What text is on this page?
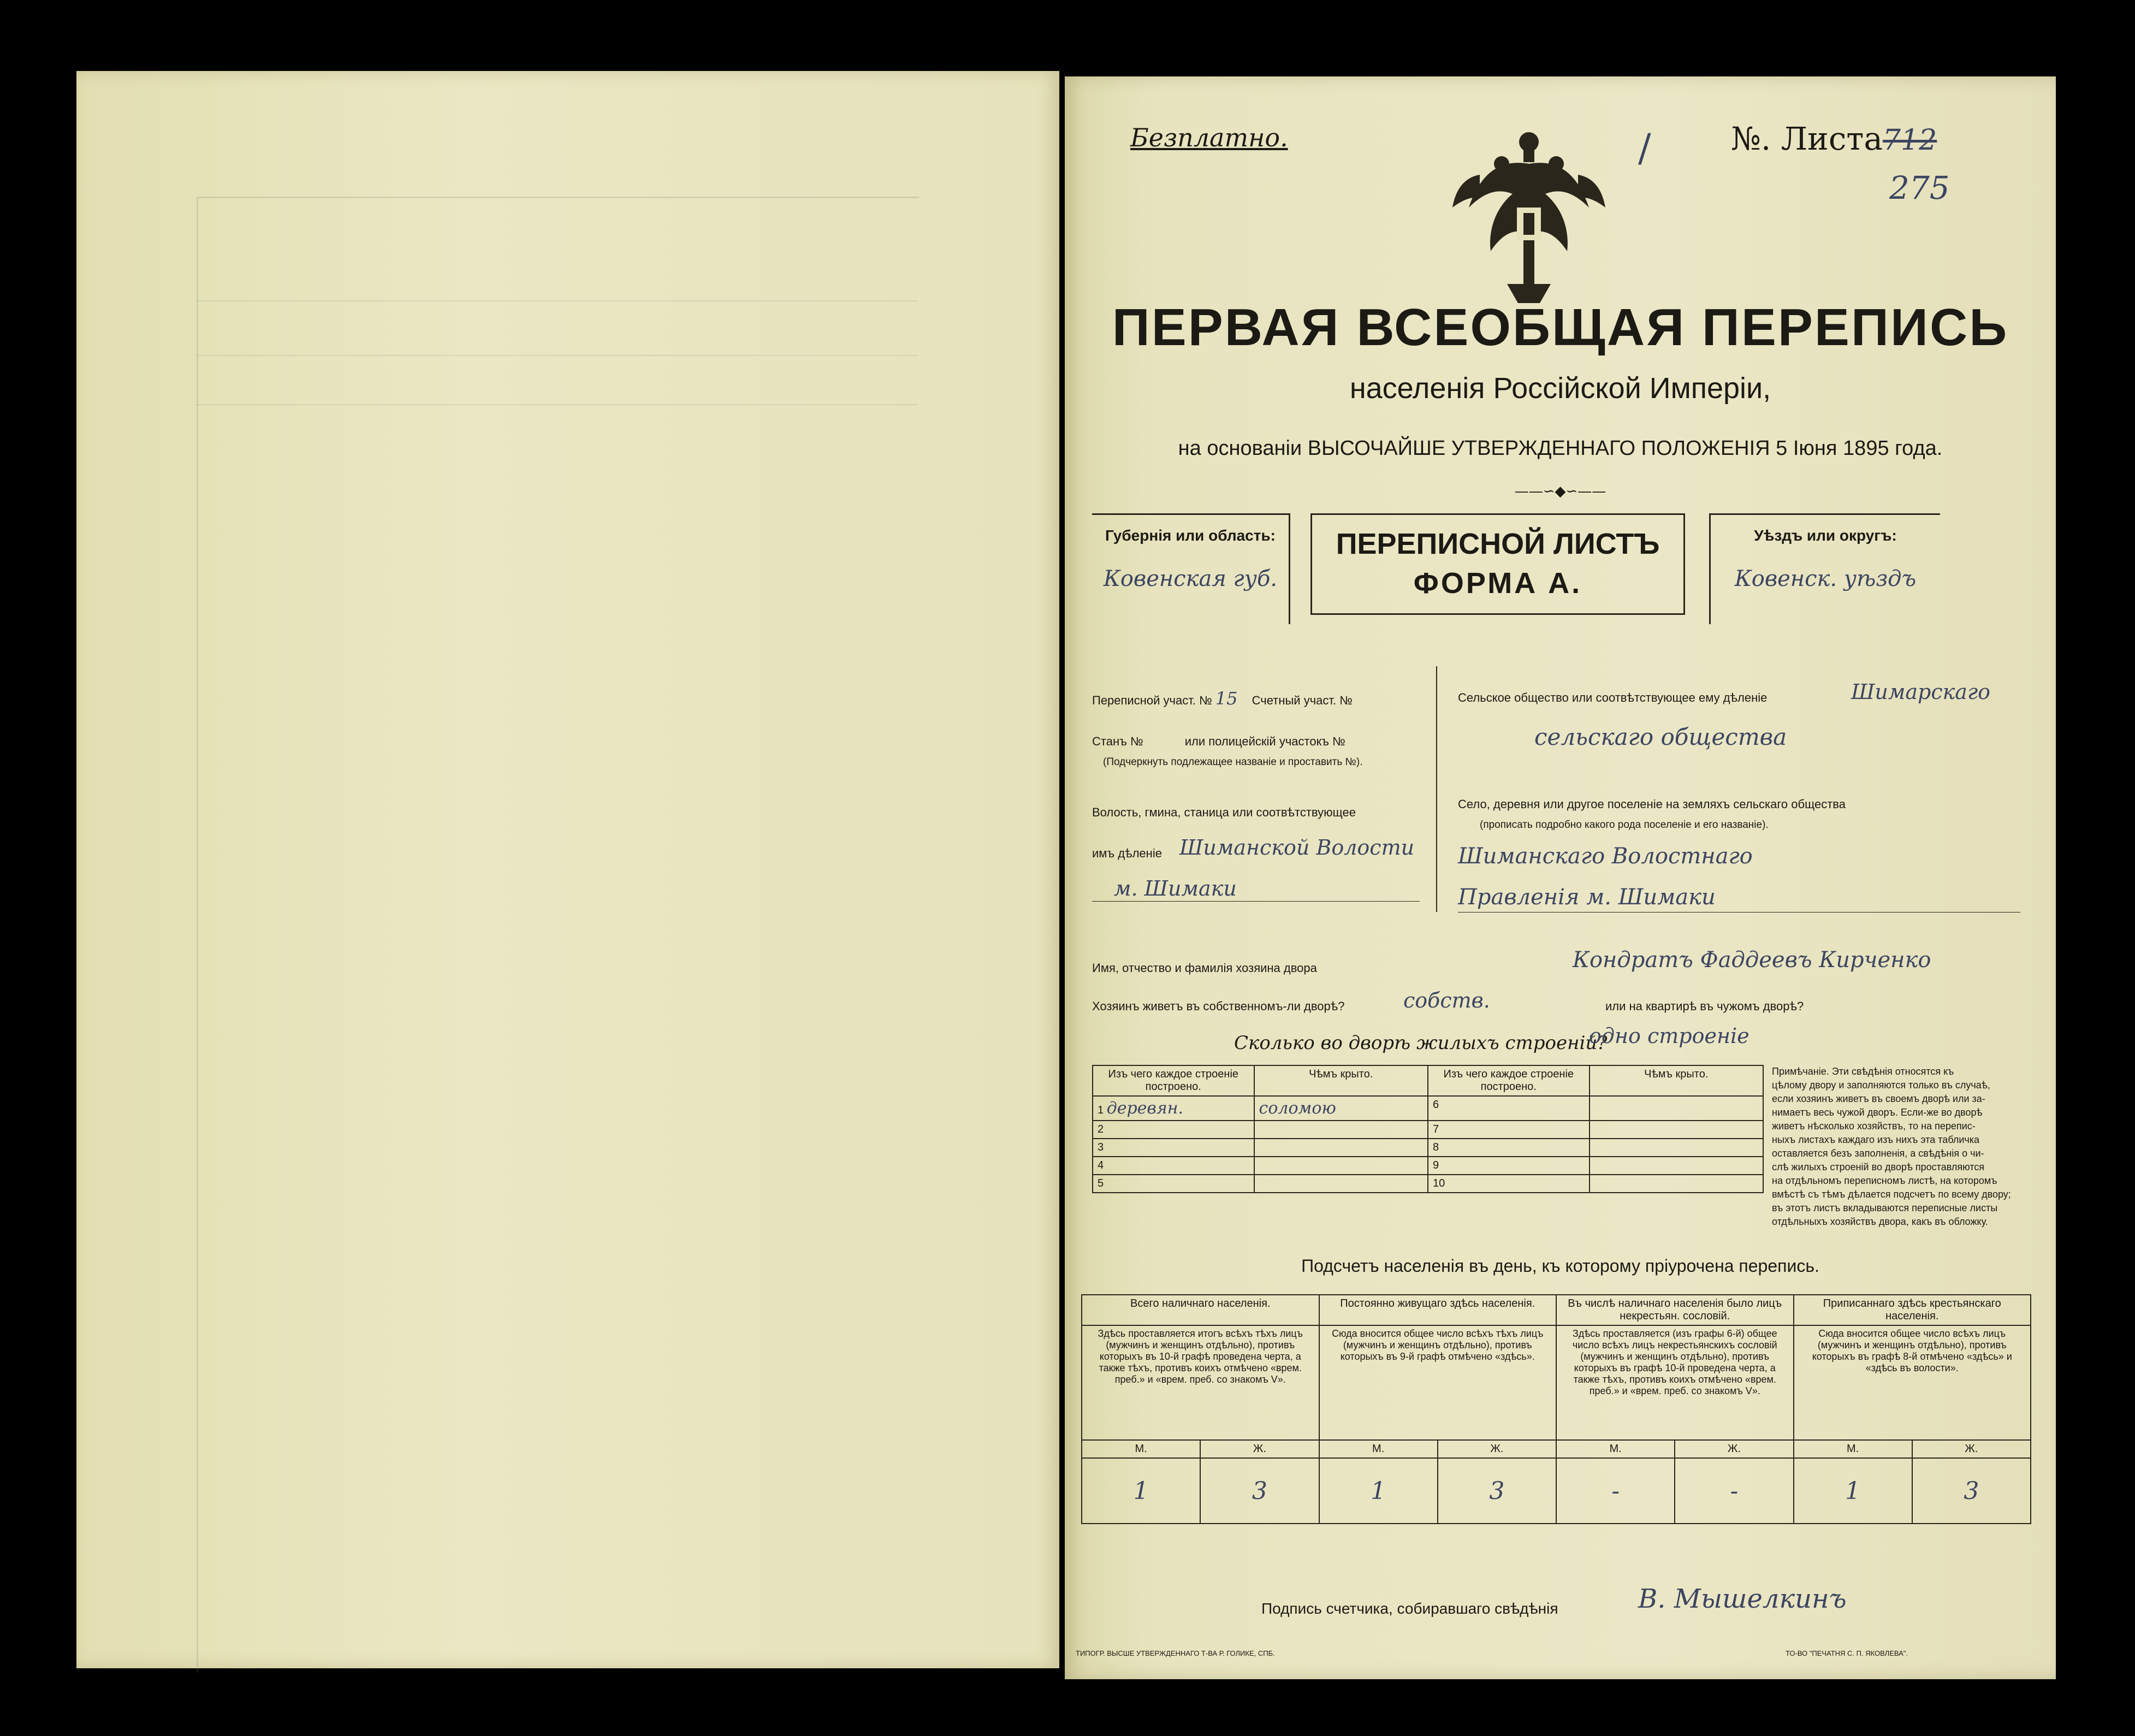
Безплатно.	/	№. Листа712
275
ПЕРВАЯ ВСЕОБЩАЯ ПЕРЕПИСЬ
населенія Россійской Имперіи,
на основаніи ВЫСОЧАЙШЕ УТВЕРЖДЕННАГО ПОЛОЖЕНІЯ 5 Іюня 1895 года.
——∽◆∽——
Губернія или область:
Ковенская губ.
ПЕРЕПИСНОЙ ЛИСТЪ
ФОРМА А.
Уѣздъ или округъ:
Ковенск. уѣздъ
Переписной участ. № 15 Счетный участ. №
Станъ №	или полицейскій участокъ №
(Подчеркнуть подлежащее названіе и проставить №).
Волость, гмина, станица или соотвѣтствующее
имъ дѣленіе Шиманской Волости
м. Шимаки
Сельское общество или соотвѣтствующее ему дѣленіе	Шимарскаго
сельскаго общества
Село, деревня или другое поселеніе на земляхъ сельскаго общества
(прописать подробно какого рода поселеніе и его названіе).
Шиманскаго Волостнаго
Правленія м. Шимаки
Имя, отчество и фамилія хозяина двора	Кондратъ Фаддеевъ Кирченко
Хозяинъ живетъ въ собственномъ-ли дворѣ?	собств.	или на квартирѣ въ чужомъ дворѣ?
Сколько во дворѣ жилыхъ строеній?
одно строеніе
Изъ чего каждое строеніе построено.	Чѣмъ крыто.	Изъ чего каждое строеніе построено.	Чѣмъ крыто.
1 деревян.	соломою	6	
2		7	
3		8	
4		9	
5		10	
Примѣчаніе. Эти свѣдѣнія относятся къ
цѣлому двору и заполняются только въ случаѣ,
если хозяинъ живетъ въ своемъ дворѣ или за-
нимаетъ весь чужой дворъ. Если-же во дворѣ
живетъ нѣсколько хозяйствъ, то на перепис-
ныхъ листахъ каждаго изъ нихъ эта табличка
оставляется безъ заполненія, а свѣдѣнія о чи-
слѣ жилыхъ строеній во дворѣ проставляются
на отдѣльномъ переписномъ листѣ, на которомъ
вмѣстѣ съ тѣмъ дѣлается подсчетъ по всему двору;
въ этотъ листъ вкладываются переписные листы
отдѣльныхъ хозяйствъ двора, какъ въ обложку.
Подсчетъ населенія въ день, къ которому пріурочена перепись.
Всего наличнаго населенія.		Постоянно живущаго здѣсь населенія.		Въ числѣ наличнаго населенія было лицъ некрестьян. сословій.		Приписаннаго здѣсь крестьянскаго населенія.	
Здѣсь проставляется итогъ всѣхъ тѣхъ лицъ (мужчинъ и женщинъ отдѣльно), противъ которыхъ въ 10-й графѣ проведена черта, а также тѣхъ, противъ коихъ отмѣчено «врем. преб.» и «врем. преб. со знакомъ V».		Сюда вносится общее число всѣхъ тѣхъ лицъ (мужчинъ и женщинъ отдѣльно), противъ которыхъ въ 9-й графѣ отмѣчено «здѣсь».		Здѣсь проставляется (изъ графы 6-й) общее число всѣхъ лицъ некрестьянскихъ сословій (мужчинъ и женщинъ отдѣльно), противъ которыхъ въ графѣ 10-й проведена черта, а также тѣхъ, противъ коихъ отмѣчено «врем. преб.» и «врем. преб. со знакомъ V».		Сюда вносится общее число всѣхъ лицъ (мужчинъ и женщинъ отдѣльно), противъ которыхъ въ графѣ 8-й отмѣчено «здѣсь» и «здѣсь въ волости».	
М.	Ж.	М.	Ж.	М.	Ж.	М.	Ж.
1	3	1	3	-	-	1	3
Подпись счетчика, собиравшаго свѣдѣнія	В. Мышелкинъ
ТИПОГР. ВЫСШЕ УТВЕРЖДЕННАГО Т-ВА Р. ГОЛИКЕ, СПБ.	ТО-ВО "ПЕЧАТНЯ С. П. ЯКОВЛЕВА".
